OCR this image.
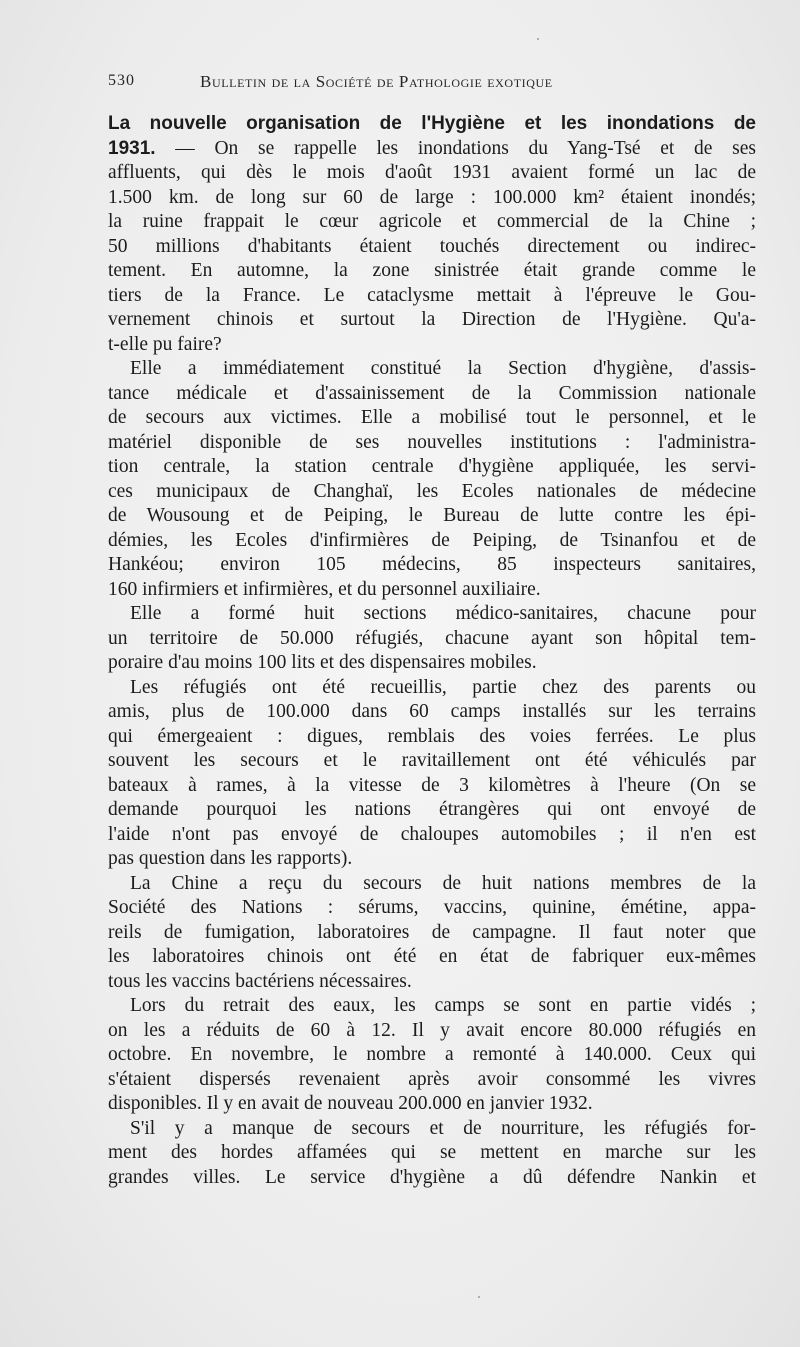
530	Bulletin de la Société de Pathologie exotique
La nouvelle organisation de l'Hygiène et les inondations de
1931. — On se rappelle les inondations du Yang-Tsé et de ses
affluents, qui dès le mois d'août 1931 avaient formé un lac de
1.500 km. de long sur 60 de large : 100.000 km² étaient inondés;
la ruine frappait le cœur agricole et commercial de la Chine ;
50 millions d'habitants étaient touchés directement ou indirec-
tement. En automne, la zone sinistrée était grande comme le
tiers de la France. Le cataclysme mettait à l'épreuve le Gou-
vernement chinois et surtout la Direction de l'Hygiène. Qu'a-
t-elle pu faire?
Elle a immédiatement constitué la Section d'hygiène, d'assis-
tance médicale et d'assainissement de la Commission nationale
de secours aux victimes. Elle a mobilisé tout le personnel, et le
matériel disponible de ses nouvelles institutions : l'administra-
tion centrale, la station centrale d'hygiène appliquée, les servi-
ces municipaux de Changhaï, les Ecoles nationales de médecine
de Wousoung et de Peiping, le Bureau de lutte contre les épi-
démies, les Ecoles d'infirmières de Peiping, de Tsinanfou et de
Hankéou; environ 105 médecins, 85 inspecteurs sanitaires,
160 infirmiers et infirmières, et du personnel auxiliaire.
Elle a formé huit sections médico-sanitaires, chacune pour
un territoire de 50.000 réfugiés, chacune ayant son hôpital tem-
poraire d'au moins 100 lits et des dispensaires mobiles.
Les réfugiés ont été recueillis, partie chez des parents ou
amis, plus de 100.000 dans 60 camps installés sur les terrains
qui émergeaient : digues, remblais des voies ferrées. Le plus
souvent les secours et le ravitaillement ont été véhiculés par
bateaux à rames, à la vitesse de 3 kilomètres à l'heure (On se
demande pourquoi les nations étrangères qui ont envoyé de
l'aide n'ont pas envoyé de chaloupes automobiles ; il n'en est
pas question dans les rapports).
La Chine a reçu du secours de huit nations membres de la
Société des Nations : sérums, vaccins, quinine, émétine, appa-
reils de fumigation, laboratoires de campagne. Il faut noter que
les laboratoires chinois ont été en état de fabriquer eux-mêmes
tous les vaccins bactériens nécessaires.
Lors du retrait des eaux, les camps se sont en partie vidés ;
on les a réduits de 60 à 12. Il y avait encore 80.000 réfugiés en
octobre. En novembre, le nombre a remonté à 140.000. Ceux qui
s'étaient dispersés revenaient après avoir consommé les vivres
disponibles. Il y en avait de nouveau 200.000 en janvier 1932.
S'il y a manque de secours et de nourriture, les réfugiés for-
ment des hordes affamées qui se mettent en marche sur les
grandes villes. Le service d'hygiène a dû défendre Nankin et
